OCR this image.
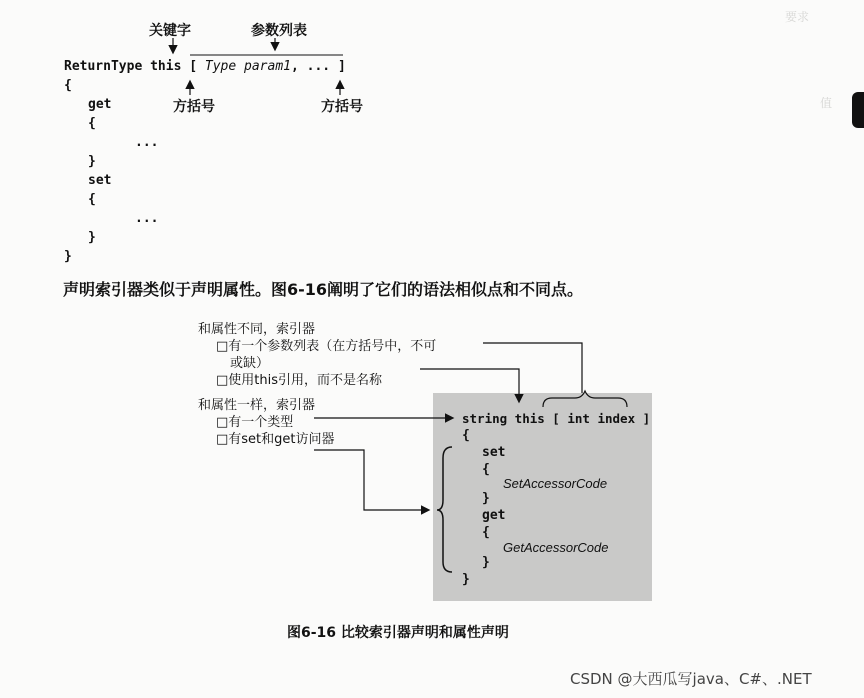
要求
值
关键字	参数列表
ReturnType this [ Type param1, ... ]
{
get
{
...
}
set
{
...
}
}
方括号	方括号
声明索引器类似于声明属性。图6-16阐明了它们的语法相似点和不同点。
和属性不同，索引器
□有一个参数列表（在方括号中，不可
或缺）
□使用this引用，而不是名称
和属性一样，索引器
□有一个类型
□有set和get访问器
string this [ int index ]
{
set
{
SetAccessorCode
}
get
{
GetAccessorCode
}
}
图6-16 比较索引器声明和属性声明
CSDN @大西瓜写java、C#、.NET
